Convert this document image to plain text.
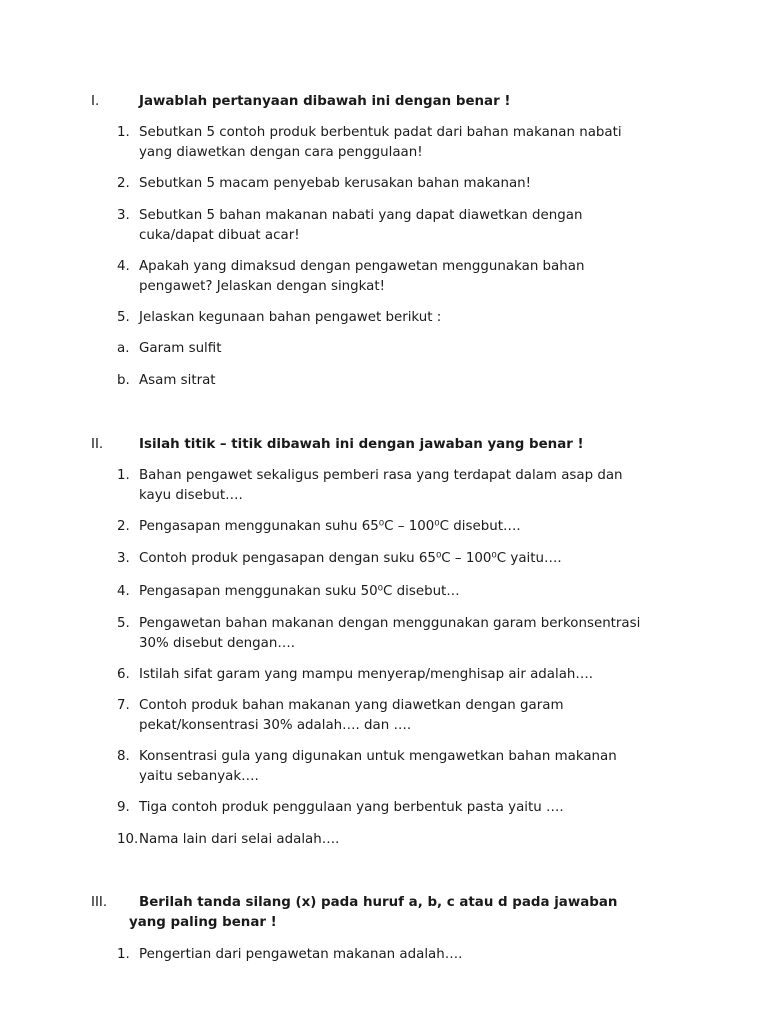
I.	Jawablah pertanyaan dibawah ini dengan benar !
1. Sebutkan 5 contoh produk berbentuk padat dari bahan makanan nabati
yang diawetkan dengan cara penggulaan!
2. Sebutkan 5 macam penyebab kerusakan bahan makanan!
3. Sebutkan 5 bahan makanan nabati yang dapat diawetkan dengan
cuka/dapat dibuat acar!
4. Apakah yang dimaksud dengan pengawetan menggunakan bahan
pengawet? Jelaskan dengan singkat!
5. Jelaskan kegunaan bahan pengawet berikut :
a. Garam sulfit
b. Asam sitrat
II.	Isilah titik – titik dibawah ini dengan jawaban yang benar !
1. Bahan pengawet sekaligus pemberi rasa yang terdapat dalam asap dan
kayu disebut….
2. Pengasapan menggunakan suhu 65⁰C – 100⁰C disebut….
3. Contoh produk pengasapan dengan suku 65⁰C – 100⁰C yaitu….
4. Pengasapan menggunakan suku 50⁰C disebut…
5. Pengawetan bahan makanan dengan menggunakan garam berkonsentrasi
30% disebut dengan….
6. Istilah sifat garam yang mampu menyerap/menghisap air adalah….
7. Contoh produk bahan makanan yang diawetkan dengan garam
pekat/konsentrasi 30% adalah…. dan ….
8. Konsentrasi gula yang digunakan untuk mengawetkan bahan makanan
yaitu sebanyak….
9. Tiga contoh produk penggulaan yang berbentuk pasta yaitu ….
10. Nama lain dari selai adalah….
III.	Berilah tanda silang (x) pada huruf a, b, c atau d pada jawaban
yang paling benar !
1. Pengertian dari pengawetan makanan adalah….
